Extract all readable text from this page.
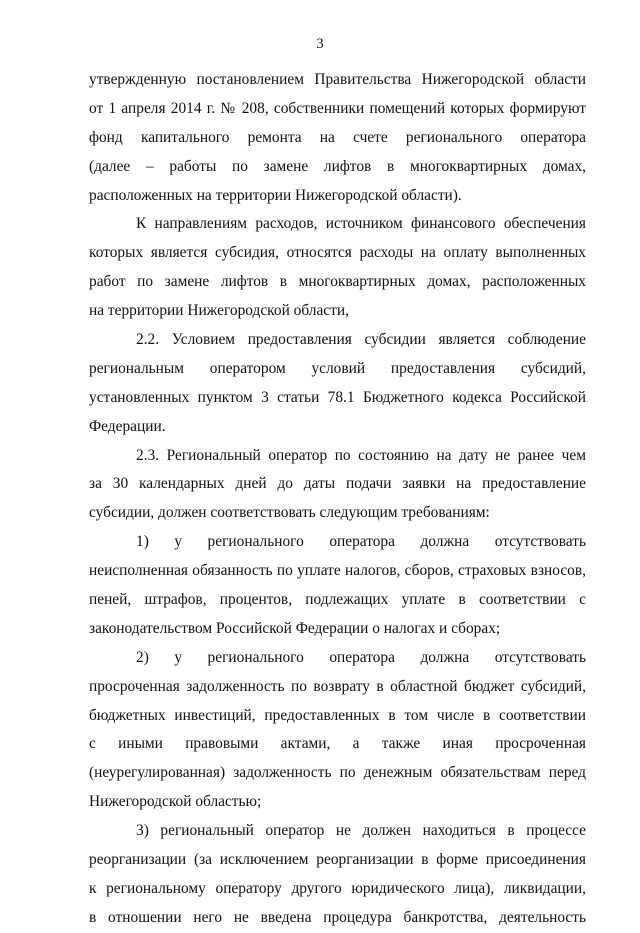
3
утвержденную постановлением Правительства Нижегородской области
от 1 апреля 2014 г. № 208, собственники помещений которых формируют
фонд капитального ремонта на счете регионального оператора
(далее – работы по замене лифтов в многоквартирных домах,
расположенных на территории Нижегородской области).
К направлениям расходов, источником финансового обеспечения
которых является субсидия, относятся расходы на оплату выполненных
работ по замене лифтов в многоквартирных домах, расположенных
на территории Нижегородской области,
2.2. Условием предоставления субсидии является соблюдение
региональным оператором условий предоставления субсидий,
установленных пунктом 3 статьи 78.1 Бюджетного кодекса Российской
Федерации.
2.3. Региональный оператор по состоянию на дату не ранее чем
за 30 календарных дней до даты подачи заявки на предоставление
субсидии, должен соответствовать следующим требованиям:
1) у регионального оператора должна отсутствовать
неисполненная обязанность по уплате налогов, сборов, страховых взносов,
пеней, штрафов, процентов, подлежащих уплате в соответствии с
законодательством Российской Федерации о налогах и сборах;
2) у регионального оператора должна отсутствовать
просроченная задолженность по возврату в областной бюджет субсидий,
бюджетных инвестиций, предоставленных в том числе в соответствии
с иными правовыми актами, а также иная просроченная
(неурегулированная) задолженность по денежным обязательствам перед
Нижегородской областью;
3) региональный оператор не должен находиться в процессе
реорганизации (за исключением реорганизации в форме присоединения
к региональному оператору другого юридического лица), ликвидации,
в отношении него не введена процедура банкротства, деятельность
